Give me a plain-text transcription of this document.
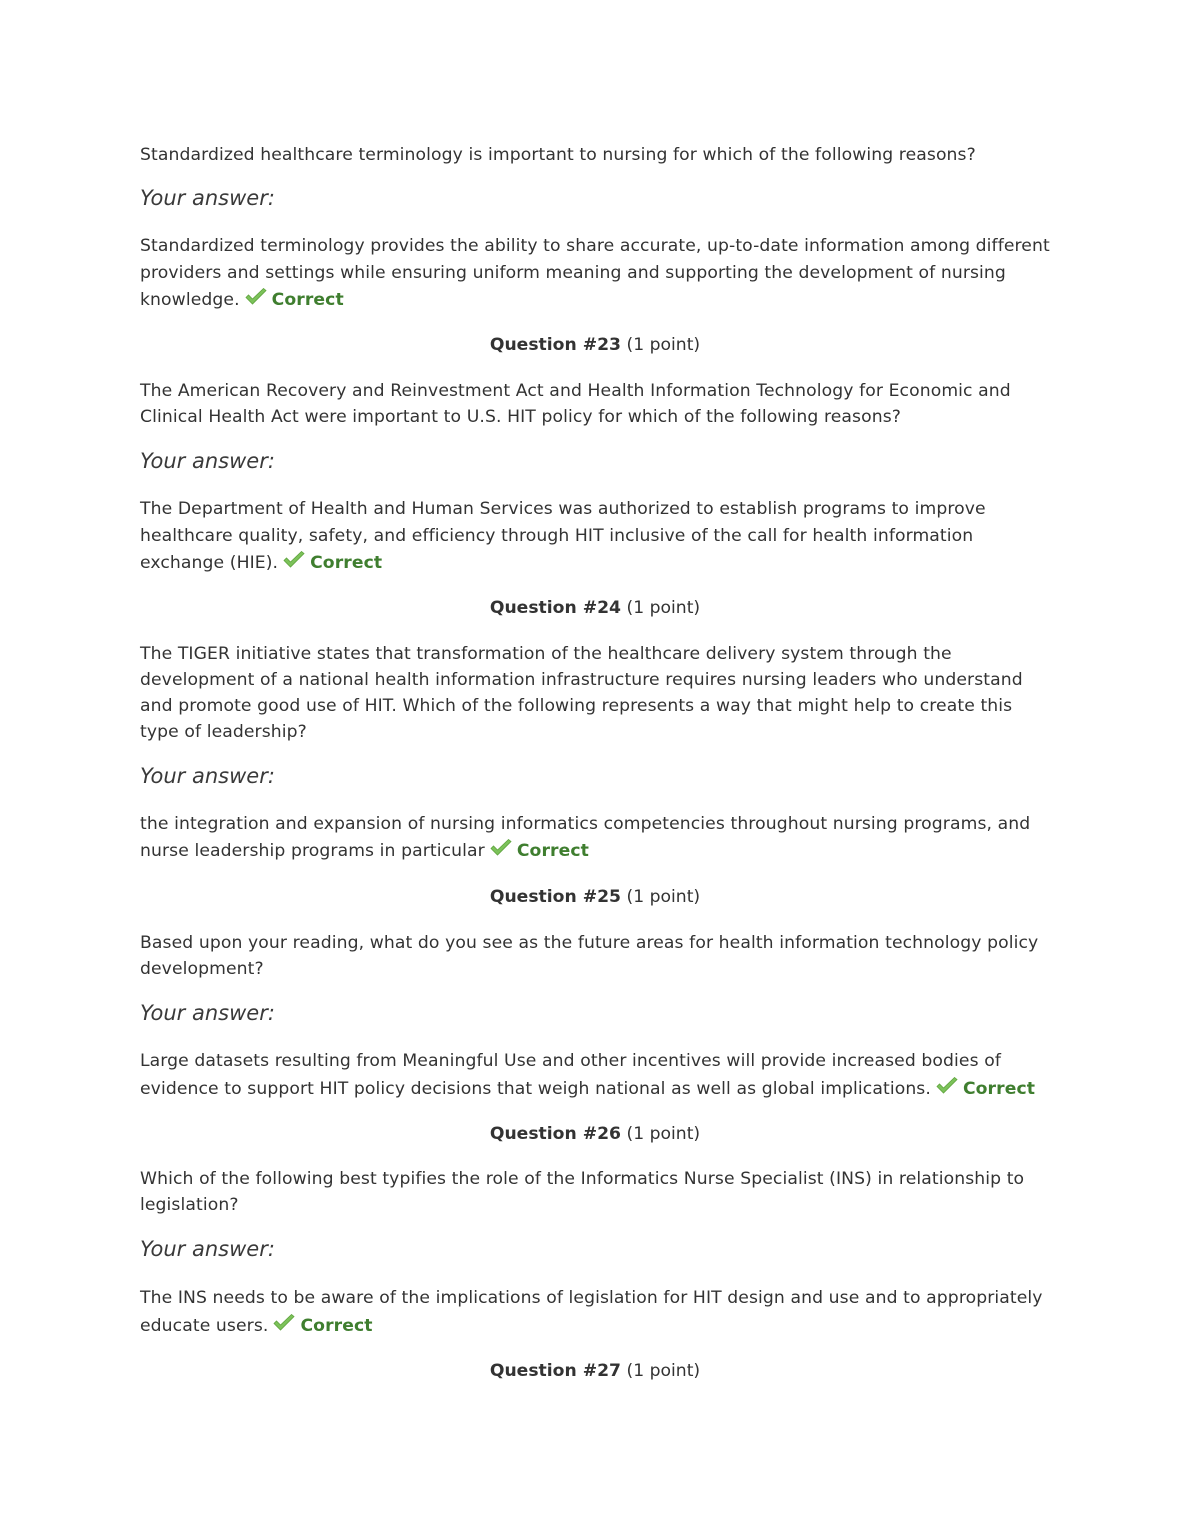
Standardized healthcare terminology is important to nursing for which of the following reasons?

Your answer:

Standardized terminology provides the ability to share accurate, up-to-date information among different providers and settings while ensuring uniform meaning and supporting the development of nursing knowledge. Correct

Question #23 (1 point)

The American Recovery and Reinvestment Act and Health Information Technology for Economic and Clinical Health Act were important to U.S. HIT policy for which of the following reasons?

Your answer:

The Department of Health and Human Services was authorized to establish programs to improve healthcare quality, safety, and efficiency through HIT inclusive of the call for health information exchange (HIE). Correct

Question #24 (1 point)

The TIGER initiative states that transformation of the healthcare delivery system through the development of a national health information infrastructure requires nursing leaders who understand and promote good use of HIT. Which of the following represents a way that might help to create this type of leadership?

Your answer:

the integration and expansion of nursing informatics competencies throughout nursing programs, and nurse leadership programs in particular Correct

Question #25 (1 point)

Based upon your reading, what do you see as the future areas for health information technology policy development?

Your answer:

Large datasets resulting from Meaningful Use and other incentives will provide increased bodies of evidence to support HIT policy decisions that weigh national as well as global implications. Correct

Question #26 (1 point)

Which of the following best typifies the role of the Informatics Nurse Specialist (INS) in relationship to legislation?

Your answer:

The INS needs to be aware of the implications of legislation for HIT design and use and to appropriately educate users. Correct

Question #27 (1 point)
